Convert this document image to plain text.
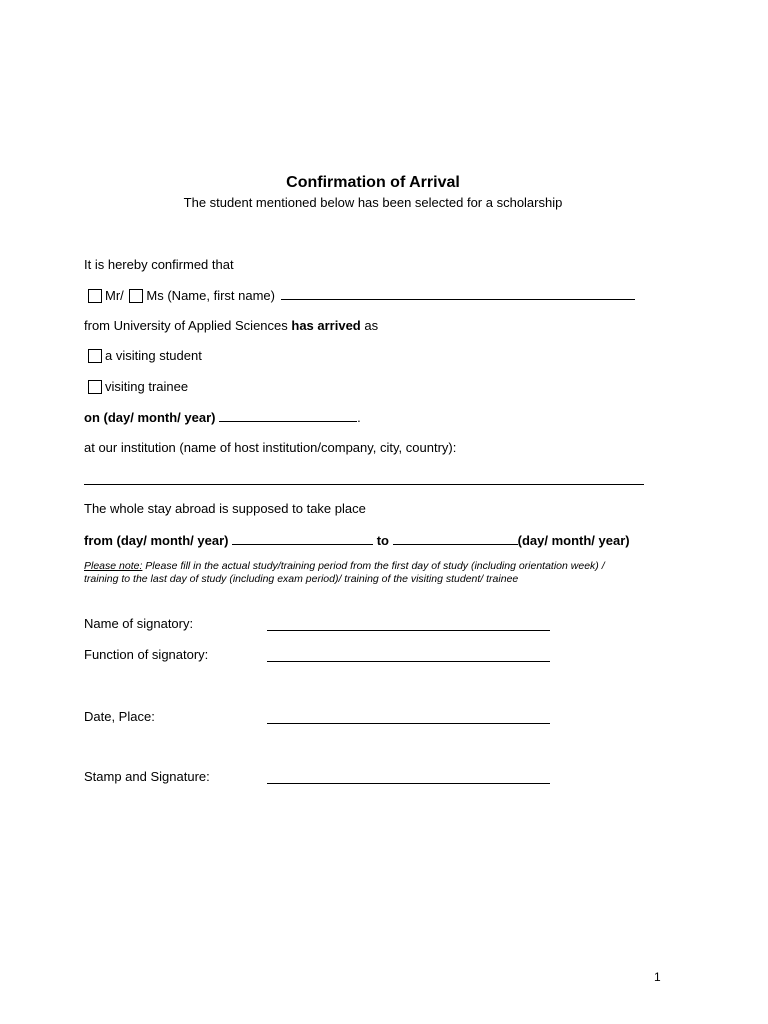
Confirmation of Arrival
The student mentioned below has been selected for a scholarship
It is hereby confirmed that
Mr/ Ms (Name, first name)
from University of Applied Sciences has arrived as
a visiting student
visiting trainee
on (day/ month/ year)	.
at our institution (name of host institution/company, city, country):
The whole stay abroad is supposed to take place
from (day/ month/ year)	to	(day/ month/ year)
Please note: Please fill in the actual study/training period from the first day of study (including orientation week) /
training to the last day of study (including exam period)/ training of the visiting student/ trainee
Name of signatory:
Function of signatory:
Date, Place:
Stamp and Signature:
1
